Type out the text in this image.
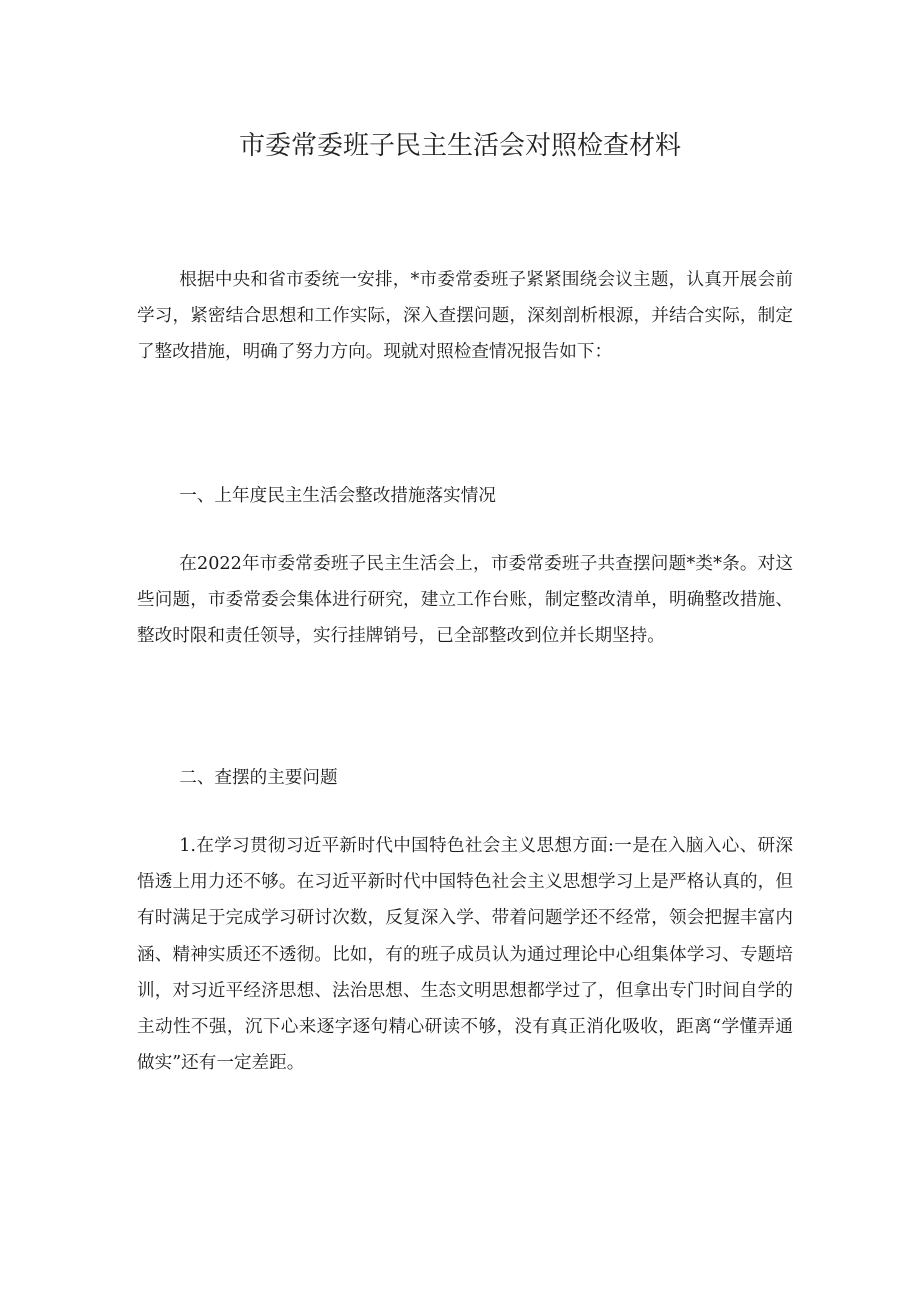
市委常委班子民主生活会对照检查材料

根据中央和省市委统一安排，*市委常委班子紧紧围绕会议主题，认真开展会前学习，紧密结合思想和工作实际，深入查摆问题，深刻剖析根源，并结合实际，制定了整改措施，明确了努力方向。现就对照检查情况报告如下：

一、上年度民主生活会整改措施落实情况

在2022年市委常委班子民主生活会上，市委常委班子共查摆问题*类*条。对这些问题，市委常委会集体进行研究，建立工作台账，制定整改清单，明确整改措施、整改时限和责任领导，实行挂牌销号，已全部整改到位并长期坚持。

二、查摆的主要问题

1.在学习贯彻习近平新时代中国特色社会主义思想方面:一是在入脑入心、研深悟透上用力还不够。在习近平新时代中国特色社会主义思想学习上是严格认真的，但有时满足于完成学习研讨次数，反复深入学、带着问题学还不经常，领会把握丰富内涵、精神实质还不透彻。比如，有的班子成员认为通过理论中心组集体学习、专题培训，对习近平经济思想、法治思想、生态文明思想都学过了，但拿出专门时间自学的主动性不强，沉下心来逐字逐句精心研读不够，没有真正消化吸收，距离“学懂弄通做实”还有一定差距。
